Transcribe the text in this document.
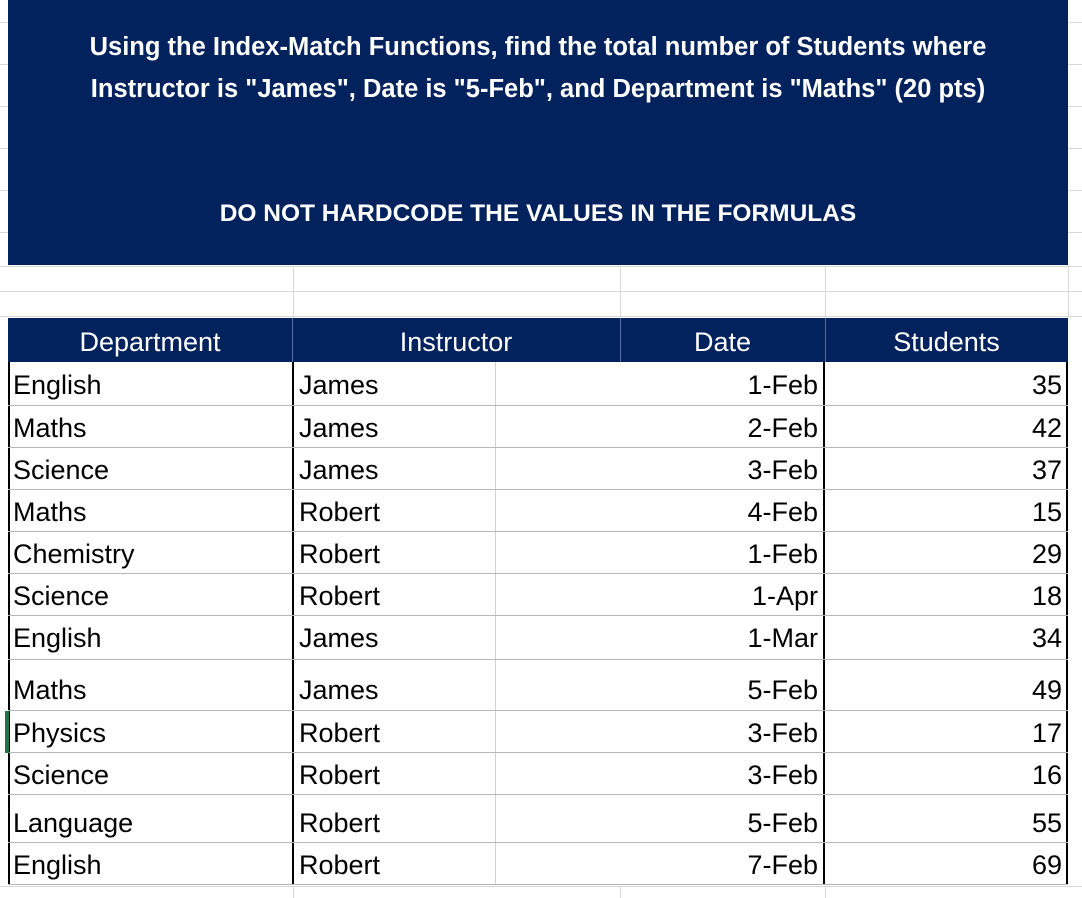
Using the Index-Match Functions, find the total number of Students where
Instructor is "James", Date is "5-Feb", and Department is "Maths" (20 pts)
DO NOT HARDCODE THE VALUES IN THE FORMULAS
Department	Instructor	Date	Students
English	James	1-Feb	35
Maths	James	2-Feb	42
Science	James	3-Feb	37
Maths	Robert	4-Feb	15
Chemistry	Robert	1-Feb	29
Science	Robert	1-Apr	18
English	James	1-Mar	34
Maths	James	5-Feb	49
Physics	Robert	3-Feb	17
Science	Robert	3-Feb	16
Language	Robert	5-Feb	55
English	Robert	7-Feb	69
